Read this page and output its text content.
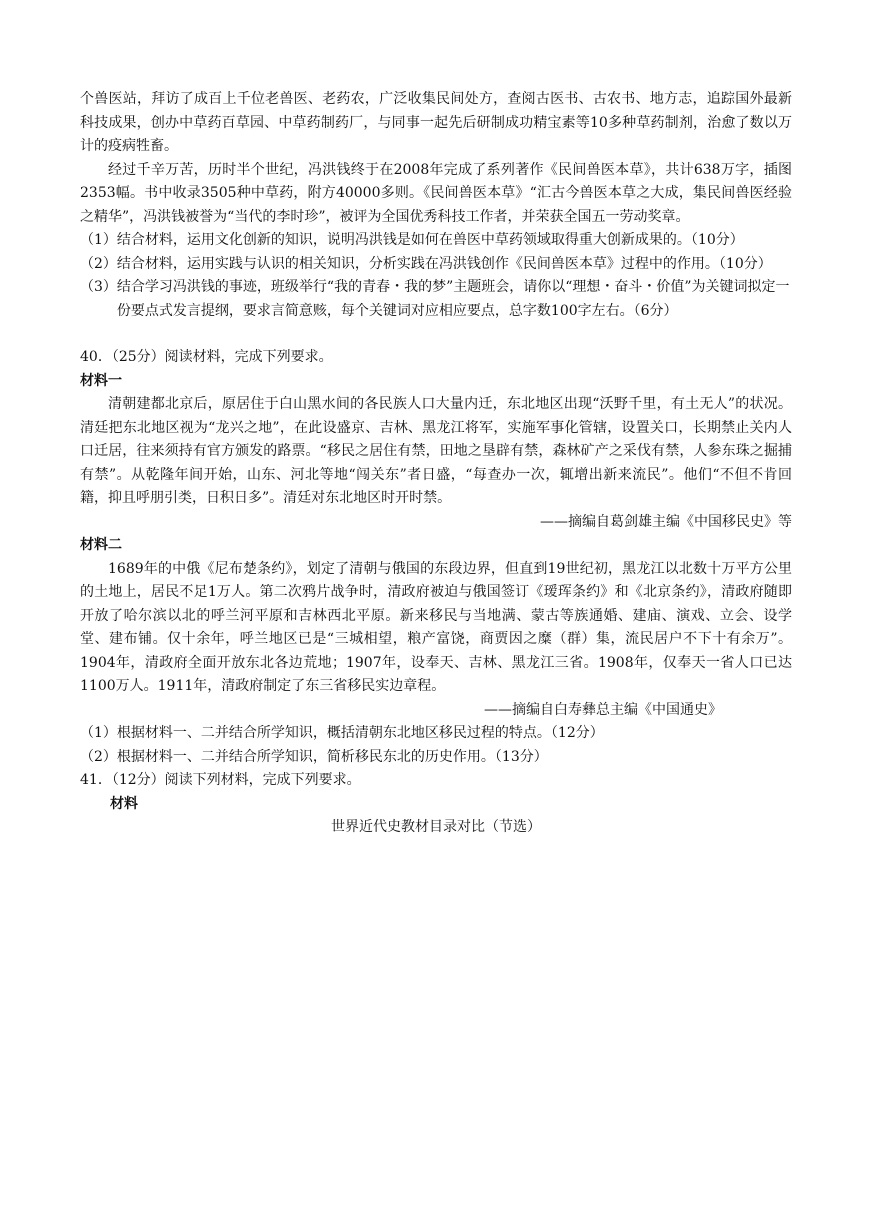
个兽医站，拜访了成百上千位老兽医、老药农，广泛收集民间处方，查阅古医书、古农书、地方志，追踪国外最新科技成果，创办中草药百草园、中草药制药厂，与同事一起先后研制成功精宝素等10多种草药制剂，治愈了数以万计的疫病牲畜。

经过千辛万苦，历时半个世纪，冯洪钱终于在2008年完成了系列著作《民间兽医本草》，共计638万字，插图2353幅。书中收录3505种中草药，附方40000多则。《民间兽医本草》“汇古今兽医本草之大成，集民间兽医经验之精华”，冯洪钱被誉为“当代的李时珍”，被评为全国优秀科技工作者，并荣获全国五一劳动奖章。

（1） 结合材料，运用文化创新的知识，说明冯洪钱是如何在兽医中草药领域取得重大创新成果的。（10分）
（2） 结合材料，运用实践与认识的相关知识，分析实践在冯洪钱创作《民间兽医本草》过程中的作用。（10分）
（3） 结合学习冯洪钱的事迹，班级举行“我的青春・我的梦”主题班会，请你以“理想・奋斗・价值”为关键词拟定一份要点式发言提纲，要求言简意赅，每个关键词对应相应要点，总字数100字左右。（6分）

40．（25分）阅读材料，完成下列要求。

材料一

清朝建都北京后，原居住于白山黑水间的各民族人口大量内迁，东北地区出现“沃野千里，有土无人”的状况。清廷把东北地区视为“龙兴之地”，在此设盛京、吉林、黑龙江将军，实施军事化管辖，设置关口，长期禁止关内人口迁居，往来须持有官方颁发的路票。“移民之居住有禁，田地之垦辟有禁，森林矿产之采伐有禁，人参东珠之掘捕有禁”。从乾隆年间开始，山东、河北等地“闯关东”者日盛，“每查办一次，辄增出新来流民”。他们“不但不肯回籍，抑且呼朋引类，日积日多”。清廷对东北地区时开时禁。

——摘编自葛剑雄主编《中国移民史》等

材料二

1689年的中俄《尼布楚条约》，划定了清朝与俄国的东段边界，但直到19世纪初，黑龙江以北数十万平方公里的土地上，居民不足1万人。第二次鸦片战争时，清政府被迫与俄国签订《瑷珲条约》和《北京条约》，清政府随即开放了哈尔滨以北的呼兰河平原和吉林西北平原。新来移民与当地满、蒙古等族通婚、建庙、演戏、立会、设学堂、建布铺。仅十余年，呼兰地区已是“三城相望，粮产富饶，商贾因之糜（群）集，流民居户不下十有余万”。 1904年，清政府全面开放东北各边荒地；1907年，设奉天、吉林、黑龙江三省。1908年，仅奉天一省人口已达1100万人。1911年，清政府制定了东三省移民实边章程。

——摘编自白寿彝总主编《中国通史》

（1） 根据材料一、二并结合所学知识，概括清朝东北地区移民过程的特点。（12分）
（2） 根据材料一、二并结合所学知识，简析移民东北的历史作用。（13分）

41．（12分）阅读下列材料，完成下列要求。

材料

世界近代史教材目录对比（节选）
